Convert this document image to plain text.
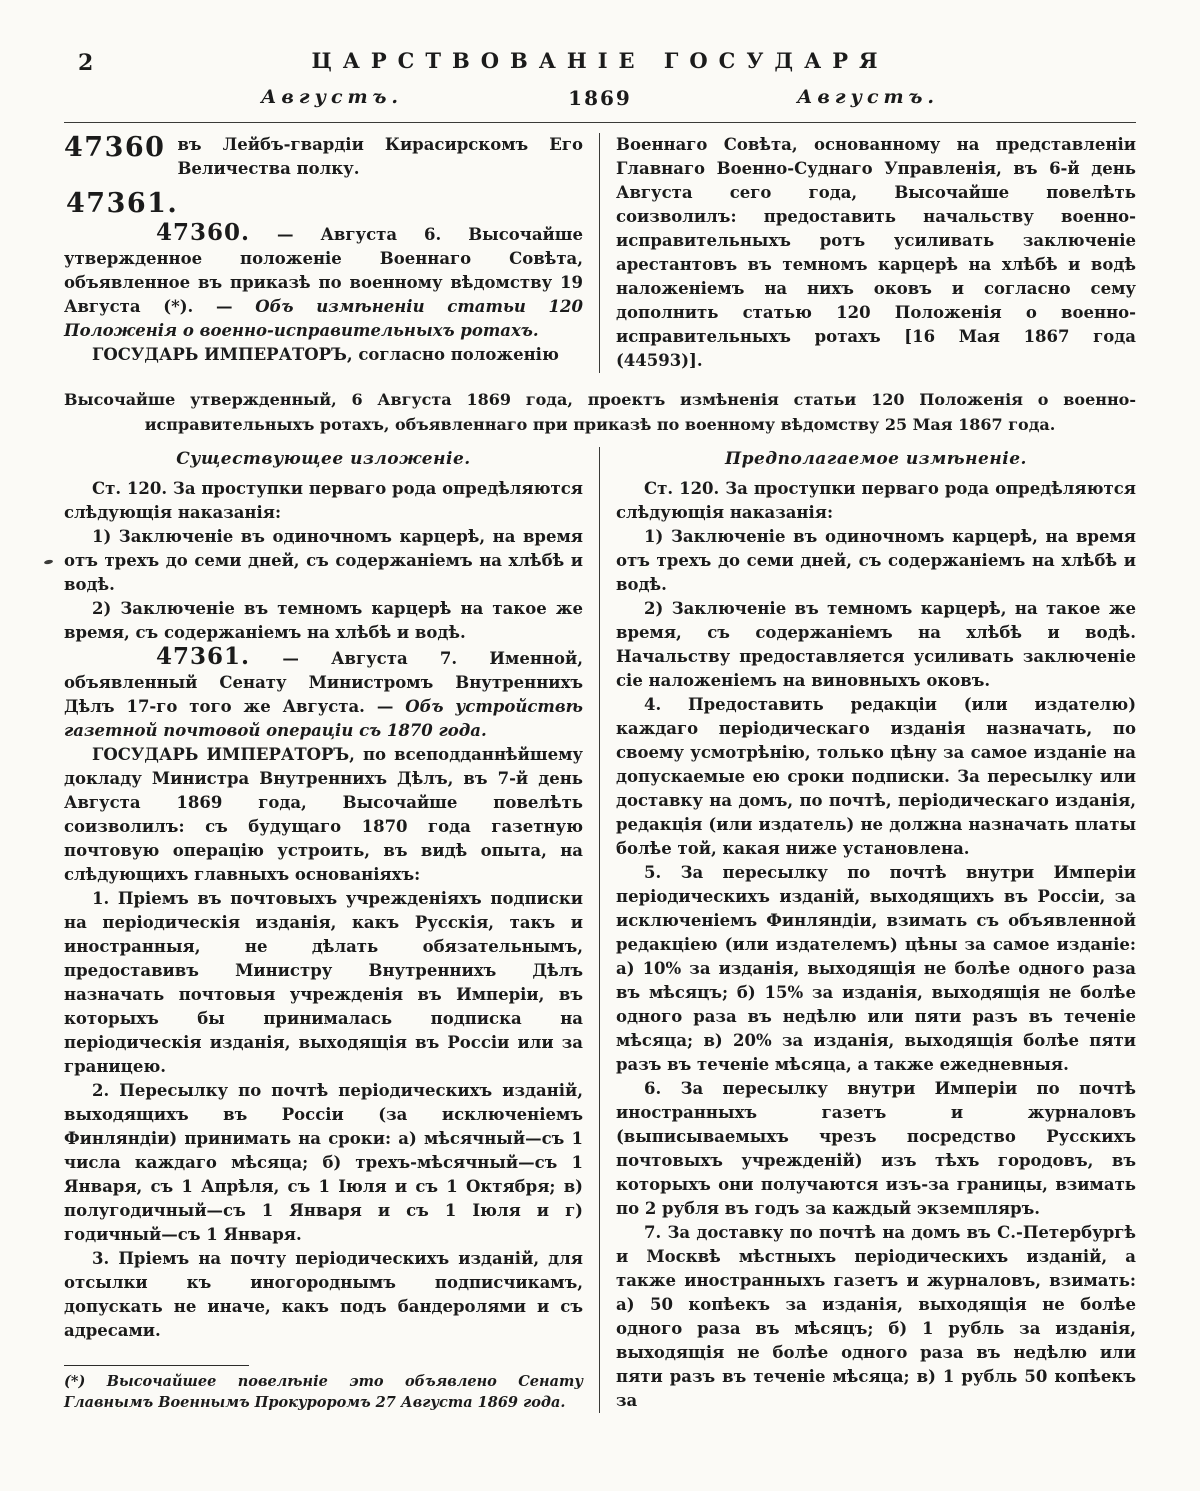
2	ЦАРСТВОВАНІЕ ГОСУДАРЯ
Августъ.	Августъ.
1869
47360 въ Лейбъ-гвардіи Кирасирскомъ Его Величества полку.
47361.

47360. — Августа 6. Высочайше утвержденное положеніе Военнаго Совѣта, объявленное въ приказѣ по военному вѣдомству 19 Августа (*). — Объ измѣненіи статьи 120 Положенія о военно-исправительныхъ ротахъ.

ГОСУДАРЬ ИМПЕРАТОРЪ, согласно положенію

Военнаго Совѣта, основанному на представленіи Главнаго Военно-Суднаго Управленія, въ 6-й день Августа сего года, Высочайше повелѣть соизволилъ: предоставить начальству военно-исправительныхъ ротъ усиливать заключеніе арестантовъ въ темномъ карцерѣ на хлѣбѣ и водѣ наложеніемъ на нихъ оковъ и согласно сему дополнить статью 120 Положенія о военно-исправительныхъ ротахъ [16 Мая 1867 года (44593)].

Высочайше утвержденный, 6 Августа 1869 года, проектъ измѣненія статьи 120 Положенія о военно-исправительныхъ ротахъ, объявленнаго при приказѣ по военному вѣдомству 25 Мая 1867 года.

Существующее изложеніе.

Ст. 120. За проступки перваго рода опредѣляются слѣдующія наказанія:

1) Заключеніе въ одиночномъ карцерѣ, на время отъ трехъ до семи дней, съ содержаніемъ на хлѣбѣ и водѣ.

2) Заключеніе въ темномъ карцерѣ на такое же время, съ содержаніемъ на хлѣбѣ и водѣ.

47361. — Августа 7. Именной, объявленный Сенату Министромъ Внутреннихъ Дѣлъ 17-го того же Августа. — Объ устройствѣ газетной почтовой операціи съ 1870 года.

ГОСУДАРЬ ИМПЕРАТОРЪ, по всеподданнѣйшему докладу Министра Внутреннихъ Дѣлъ, въ 7-й день Августа 1869 года, Высочайше повелѣть соизволилъ: съ будущаго 1870 года газетную почтовую операцію устроить, въ видѣ опыта, на слѣдующихъ главныхъ основаніяхъ:

1. Пріемъ въ почтовыхъ учрежденіяхъ подписки на періодическія изданія, какъ Русскія, такъ и иностранныя, не дѣлать обязательнымъ, предоставивъ Министру Внутреннихъ Дѣлъ назначать почтовыя учрежденія въ Имперіи, въ которыхъ бы принималась подписка на періодическія изданія, выходящія въ Россіи или за границею.

2. Пересылку по почтѣ періодическихъ изданій, выходящихъ въ Россіи (за исключеніемъ Финляндіи) принимать на сроки: а) мѣсячный—съ 1 числа каждаго мѣсяца; б) трехъ-мѣсячный—съ 1 Января, съ 1 Апрѣля, съ 1 Іюля и съ 1 Октября; в) полугодичный—съ 1 Января и съ 1 Іюля и г) годичный—съ 1 Января.

3. Пріемъ на почту періодическихъ изданій, для отсылки къ иногороднымъ подписчикамъ, допускать не иначе, какъ подъ бандеролями и съ адресами.

(*) Высочайшее повелѣніе это объявлено Сенату Главнымъ Военнымъ Прокуроромъ 27 Августа 1869 года.

Предполагаемое измѣненіе.

Ст. 120. За проступки перваго рода опредѣляются слѣдующія наказанія:

1) Заключеніе въ одиночномъ карцерѣ, на время отъ трехъ до семи дней, съ содержаніемъ на хлѣбѣ и водѣ.

2) Заключеніе въ темномъ карцерѣ, на такое же время, съ содержаніемъ на хлѣбѣ и водѣ. Начальству предоставляется усиливать заключеніе сіе наложеніемъ на виновныхъ оковъ.

4. Предоставить редакціи (или издателю) каждаго періодическаго изданія назначать, по своему усмотрѣнію, только цѣну за самое изданіе на допускаемые ею сроки подписки. За пересылку или доставку на домъ, по почтѣ, періодическаго изданія, редакція (или издатель) не должна назначать платы болѣе той, какая ниже установлена.

5. За пересылку по почтѣ внутри Имперіи періодическихъ изданій, выходящихъ въ Россіи, за исключеніемъ Финляндіи, взимать съ объявленной редакціею (или издателемъ) цѣны за самое изданіе: а) 10% за изданія, выходящія не болѣе одного раза въ мѣсяцъ; б) 15% за изданія, выходящія не болѣе одного раза въ недѣлю или пяти разъ въ теченіе мѣсяца; в) 20% за изданія, выходящія болѣе пяти разъ въ теченіе мѣсяца, а также ежедневныя.

6. За пересылку внутри Имперіи по почтѣ иностранныхъ газетъ и журналовъ (выписываемыхъ чрезъ посредство Русскихъ почтовыхъ учрежденій) изъ тѣхъ городовъ, въ которыхъ они получаются изъ-за границы, взимать по 2 рубля въ годъ за каждый экземпляръ.

7. За доставку по почтѣ на домъ въ С.-Петербургѣ и Москвѣ мѣстныхъ періодическихъ изданій, а также иностранныхъ газетъ и журналовъ, взимать: а) 50 копѣекъ за изданія, выходящія не болѣе одного раза въ мѣсяцъ; б) 1 рубль за изданія, выходящія не болѣе одного раза въ недѣлю или пяти разъ въ теченіе мѣсяца; в) 1 рубль 50 копѣекъ за
